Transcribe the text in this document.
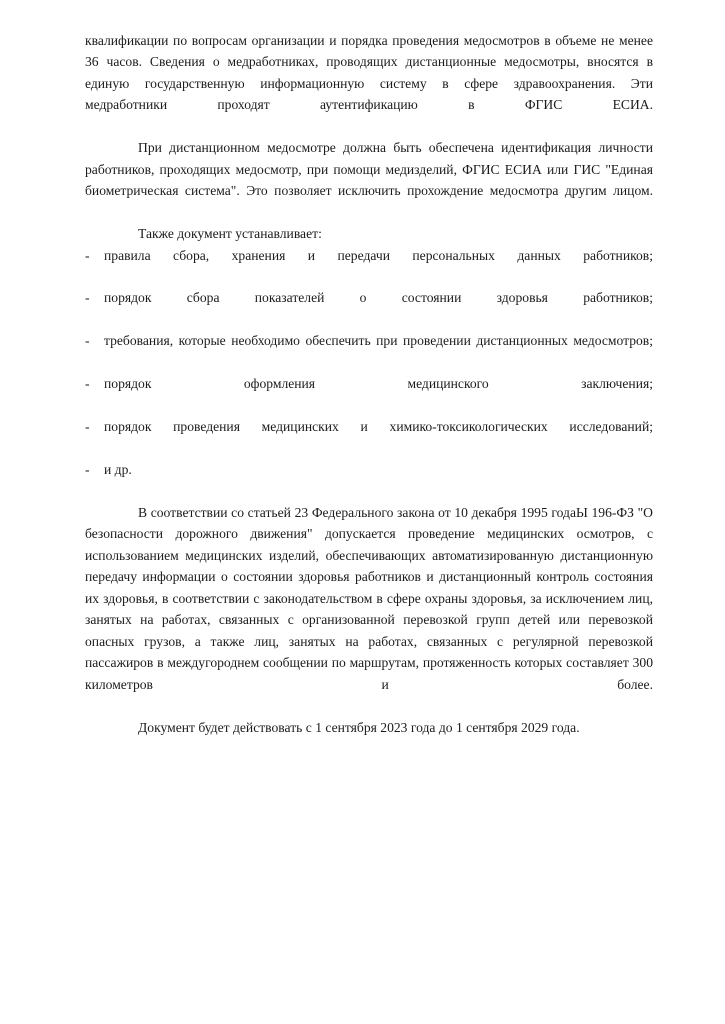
квалификации по вопросам организации и порядка проведения медосмотров в объеме не менее 36 часов. Сведения о медработниках, проводящих дистанционные медосмотры, вносятся в единую государственную информационную систему в сфере здравоохранения. Эти медработники проходят аутентификацию в ФГИС ЕСИА.

При дистанционном медосмотре должна быть обеспечена идентификация личности работников, проходящих медосмотр, при помощи медизделий, ФГИС ЕСИА или ГИС "Единая биометрическая система". Это позволяет исключить прохождение медосмотра другим лицом.

Также документ устанавливает:

-	правила сбора, хранения и передачи персональных данных работников;
-	порядок сбора показателей о состоянии здоровья работников;
-	требования, которые необходимо обеспечить при проведении дистанционных медосмотров;
-	порядок оформления медицинского заключения;
-	порядок проведения медицинских и химико-токсикологических исследований;
-	и др.

В соответствии со статьей 23 Федерального закона от 10 декабря 1995 годаЫ 196-ФЗ "О безопасности дорожного движения" допускается проведение медицинских осмотров, с использованием медицинских изделий, обеспечивающих автоматизированную дистанционную передачу информации о состоянии здоровья работников и дистанционный контроль состояния их здоровья, в соответствии с законодательством в сфере охраны здоровья, за исключением лиц, занятых на работах, связанных с организованной перевозкой групп детей или перевозкой опасных грузов, а также лиц, занятых на работах, связанных с регулярной перевозкой пассажиров в междугороднем сообщении по маршрутам, протяженность которых составляет 300 километров и более.

Документ будет действовать с 1 сентября 2023 года до 1 сентября 2029 года.
